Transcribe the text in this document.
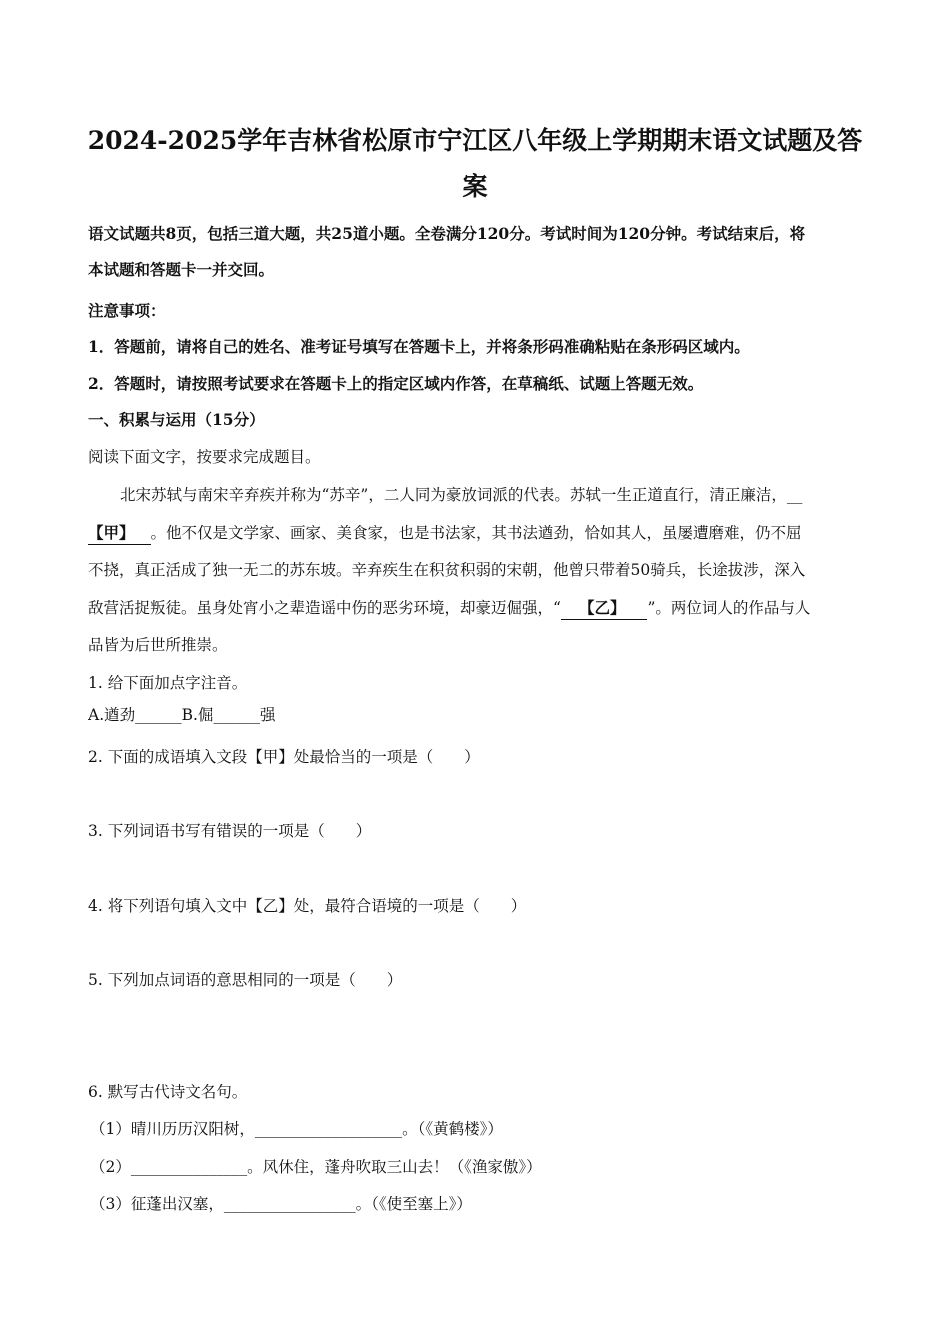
2024-2025学年吉林省松原市宁江区八年级上学期期末语文试题及答
案
语文试题共8页，包括三道大题，共25道小题。全卷满分120分。考试时间为120分钟。考试结束后，将
本试题和答题卡一并交回。
注意事项：
1．答题前，请将自己的姓名、准考证号填写在答题卡上，并将条形码准确粘贴在条形码区域内。
2．答题时，请按照考试要求在答题卡上的指定区域内作答，在草稿纸、试题上答题无效。
一、积累与运用（15分）
阅读下面文字，按要求完成题目。
北宋苏轼与南宋辛弃疾并称为“苏辛”，二人同为豪放词派的代表。苏轼一生正道直行，清正廉洁，__
【甲】 。他不仅是文学家、画家、美食家，也是书法家，其书法遒劲，恰如其人，虽屡遭磨难，仍不屈
不挠，真正活成了独一无二的苏东坡。辛弃疾生在积贫积弱的宋朝，他曾只带着50骑兵，长途拔涉，深入
敌营活捉叛徒。虽身处宵小之辈造谣中伤的恶劣环境，却豪迈倔强，“ 【乙】 ”。两位词人的作品与人
品皆为后世所推崇。
1. 给下面加点字注音。
A.遒劲______B.倔______强
2. 下面的成语填入文段【甲】处最恰当的一项是（　　）
3. 下列词语书写有错误的一项是（　　）
4. 将下列语句填入文中【乙】处，最符合语境的一项是（　　）
5. 下列加点词语的意思相同的一项是（　　）
6. 默写古代诗文名句。
（1）晴川历历汉阳树，___________________。（《黄鹤楼》）
（2）_______________。风休住，蓬舟吹取三山去！（《渔家傲》）
（3）征蓬出汉塞，_________________。（《使至塞上》）
